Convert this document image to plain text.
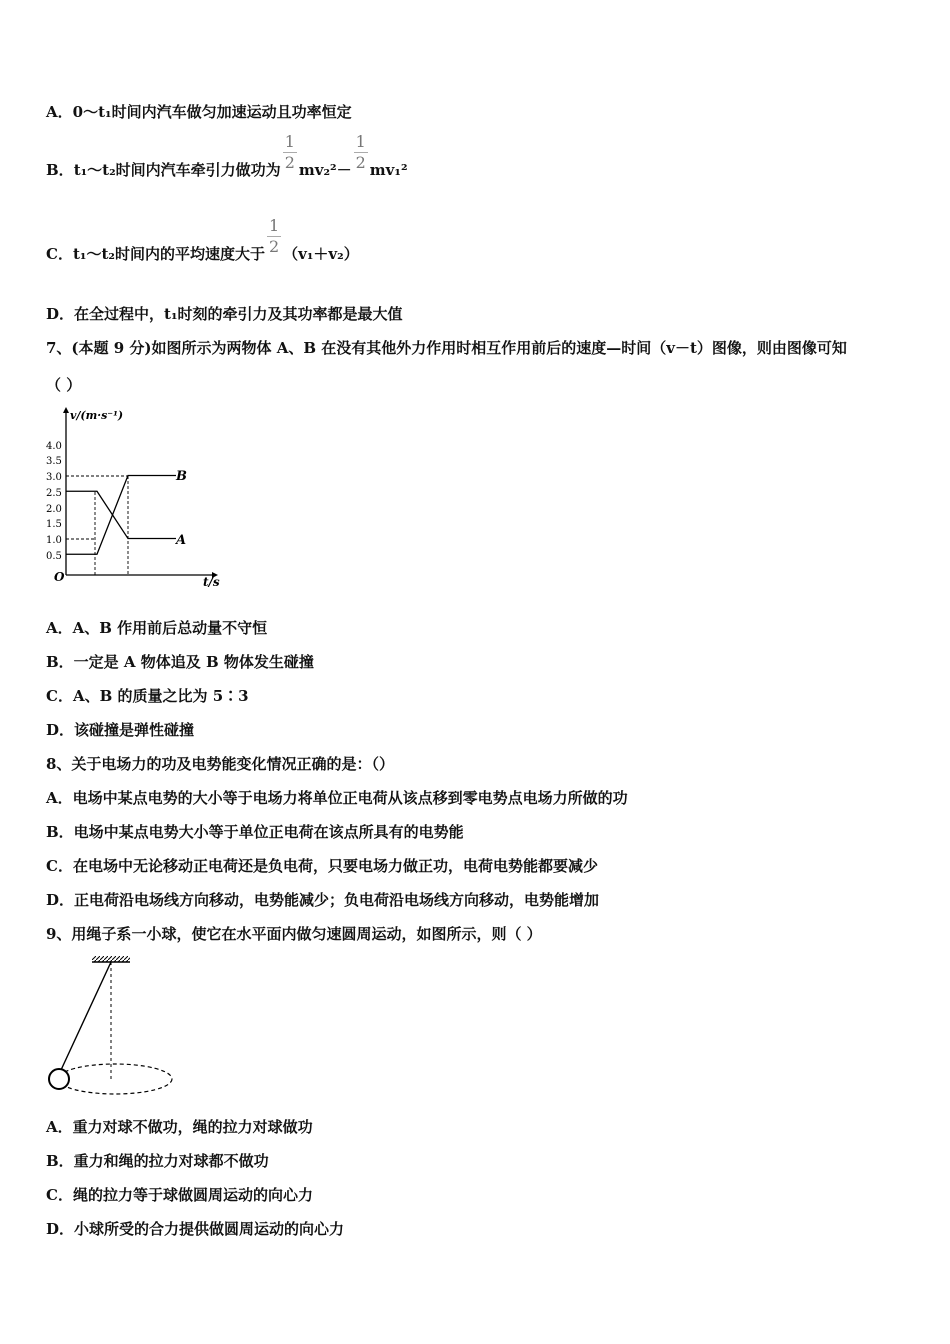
A．0～t₁时间内汽车做匀加速运动且功率恒定
B．t₁～t₂时间内汽车牵引力做功为 $\frac{1}{2} mv_2^2- \frac{1}{2} mv_1^2$
C．t₁～t₂时间内的平均速度大于 $\frac{1}{2} (v_1+v_2)$
D．在全过程中，t₁时刻的牵引力及其功率都是最大值
7、(本题 9 分)如图所示为两物体 A、B 在没有其他外力作用时相互作用前后的速度—时间（v－t）图像，则由图像可知
（ ）
v/(m·s⁻¹)
t/s
O
4.0
3.5
3.0
2.5
2.0
1.5
1.0
0.5
B
A
A．A、B 作用前后总动量不守恒
B．一定是 A 物体追及 B 物体发生碰撞
C．A、B 的质量之比为 5∶3
D．该碰撞是弹性碰撞
8、关于电场力的功及电势能变化情况正确的是：（）
A．电场中某点电势的大小等于电场力将单位正电荷从该点移到零电势点电场力所做的功
B．电场中某点电势大小等于单位正电荷在该点所具有的电势能
C．在电场中无论移动正电荷还是负电荷，只要电场力做正功，电荷电势能都要减少
D．正电荷沿电场线方向移动，电势能减少；负电荷沿电场线方向移动，电势能增加
9、用绳子系一小球，使它在水平面内做匀速圆周运动，如图所示，则（ ）
A．重力对球不做功，绳的拉力对球做功
B．重力和绳的拉力对球都不做功
C．绳的拉力等于球做圆周运动的向心力
D．小球所受的合力提供做圆周运动的向心力
